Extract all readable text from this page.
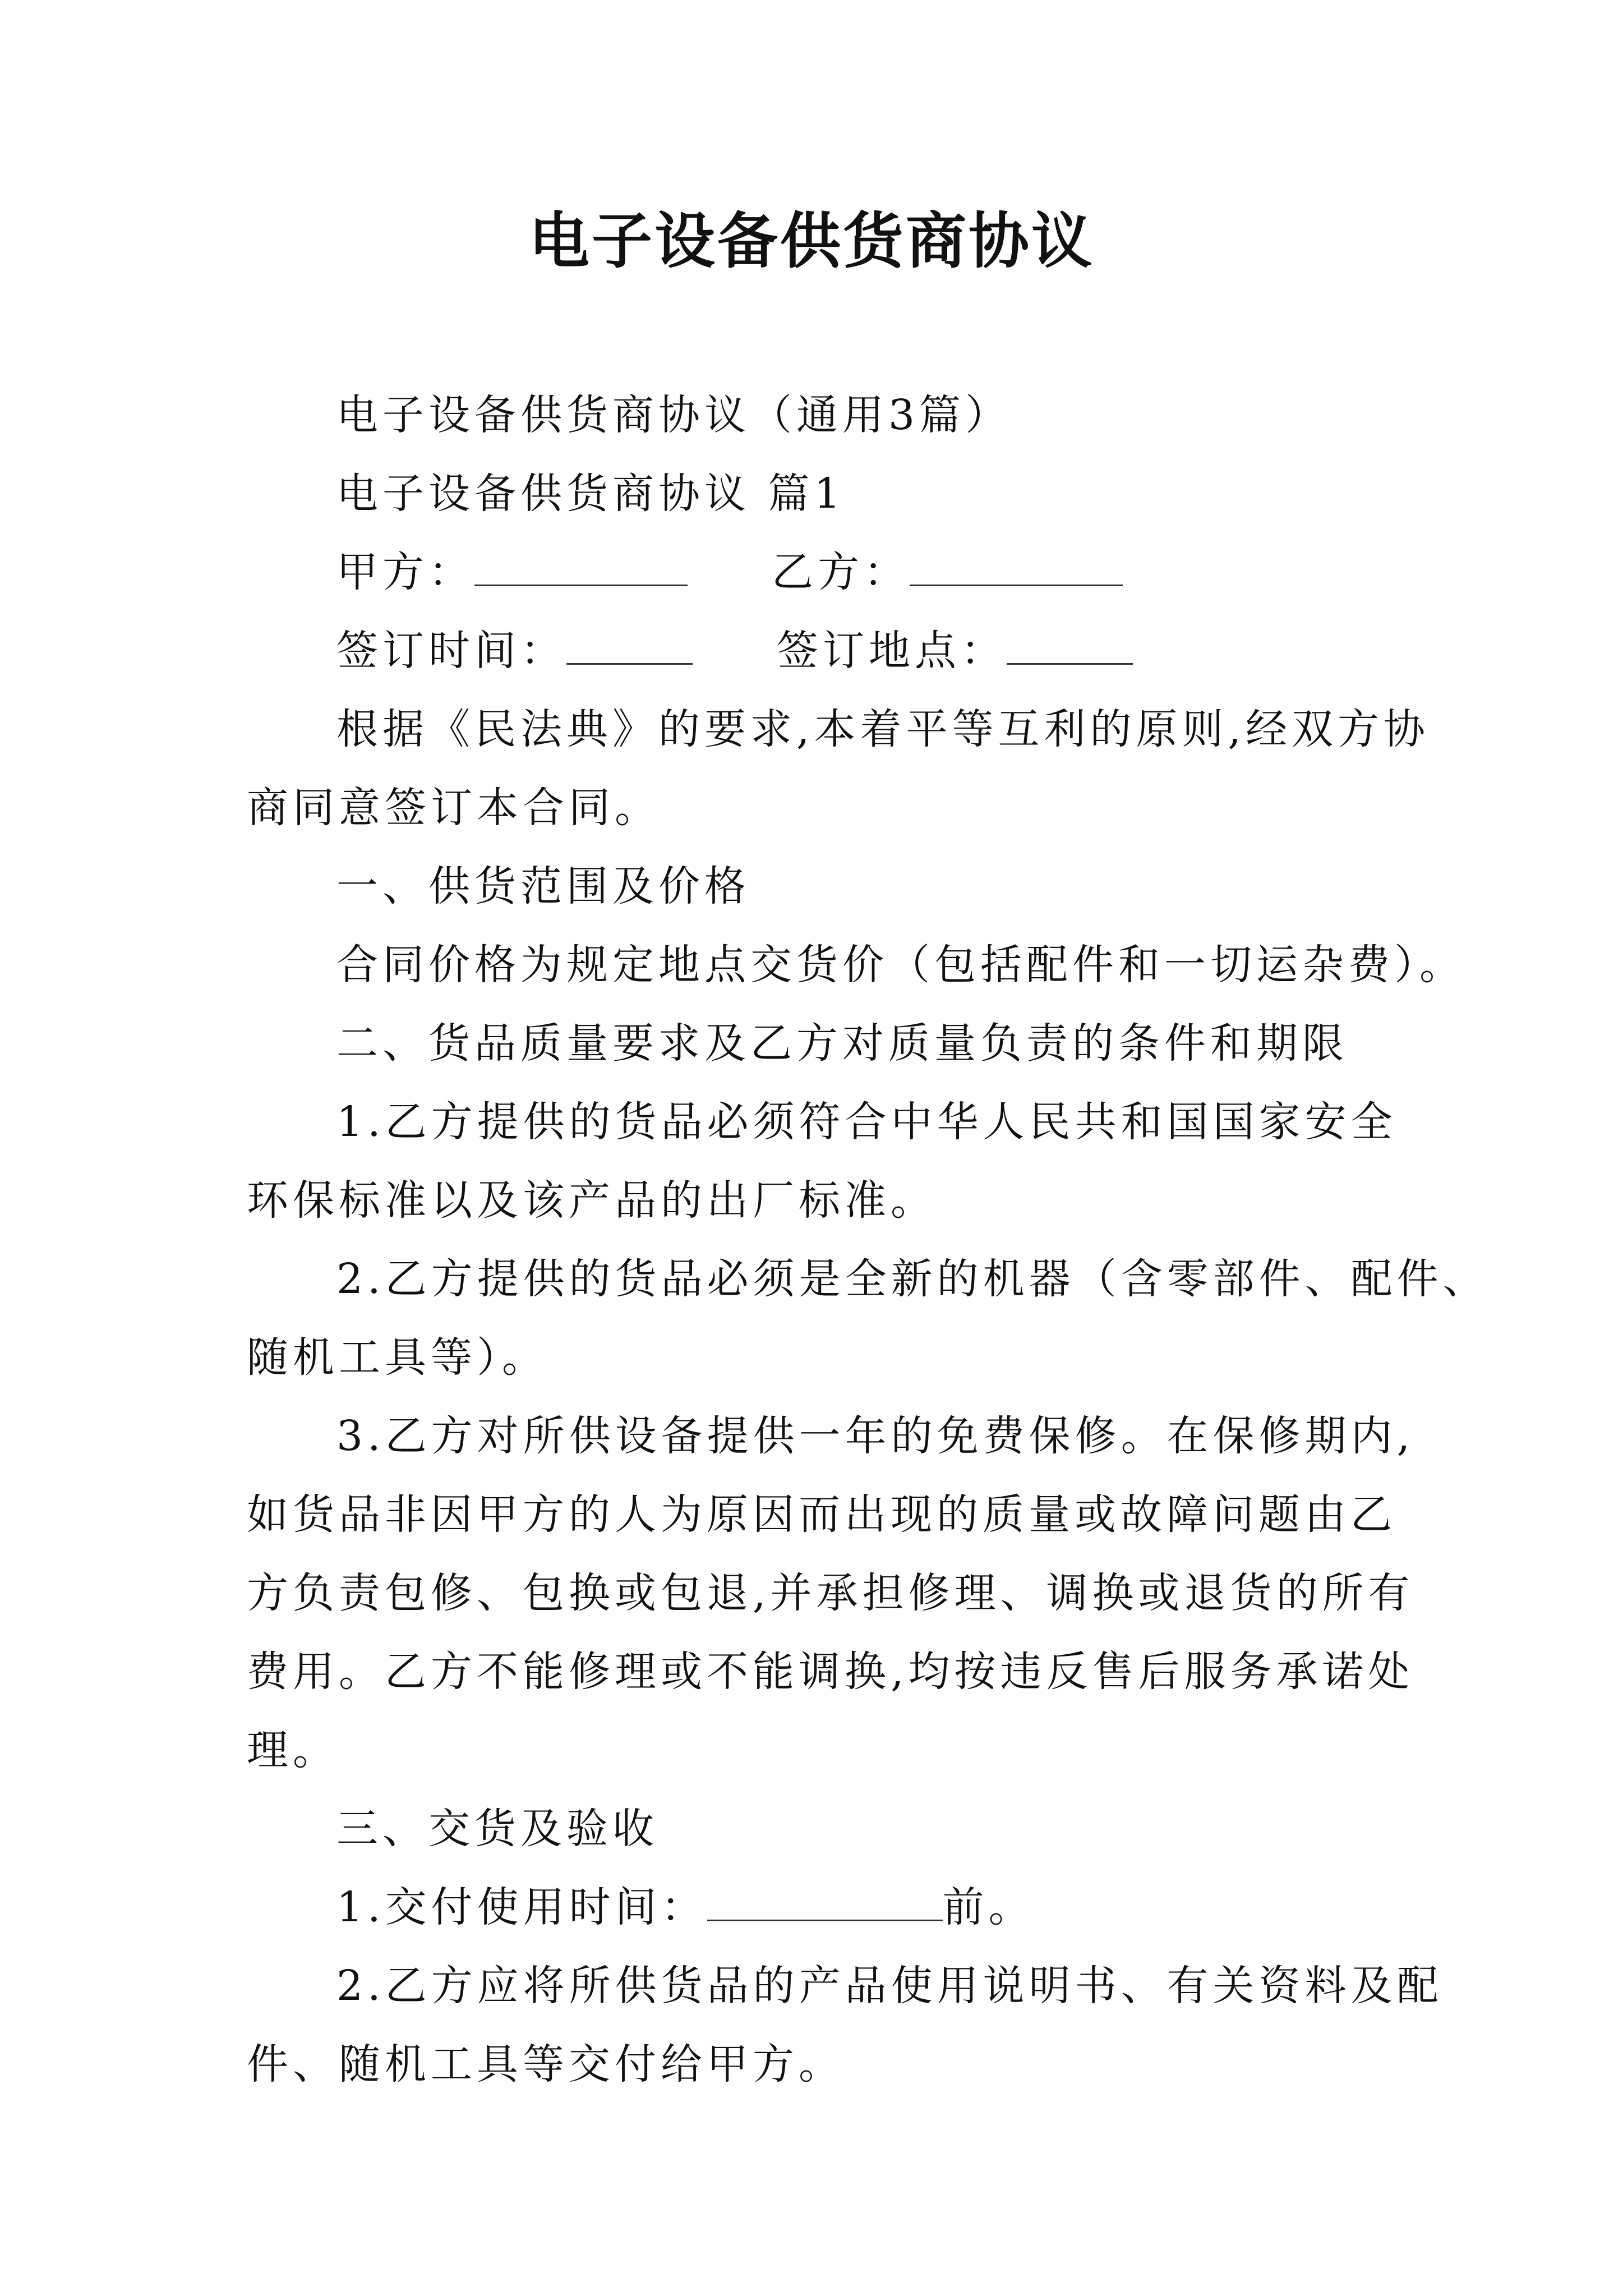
电子设备供货商协议
电子设备供货商协议（通用3篇）
电子设备供货商协议 篇1
甲方：	乙方：
签订时间：	签订地点：
根据《民法典》的要求,本着平等互利的原则,经双方协
商同意签订本合同。
一、供货范围及价格
合同价格为规定地点交货价（包括配件和一切运杂费）。
二、货品质量要求及乙方对质量负责的条件和期限
1.乙方提供的货品必须符合中华人民共和国国家安全
环保标准以及该产品的出厂标准。
2.乙方提供的货品必须是全新的机器（含零部件、配件、
随机工具等）。
3.乙方对所供设备提供一年的免费保修。在保修期内,
如货品非因甲方的人为原因而出现的质量或故障问题由乙
方负责包修、包换或包退,并承担修理、调换或退货的所有
费用。乙方不能修理或不能调换,均按违反售后服务承诺处
理。
三、交货及验收
1.交付使用时间：	前。
2.乙方应将所供货品的产品使用说明书、有关资料及配
件、随机工具等交付给甲方。
